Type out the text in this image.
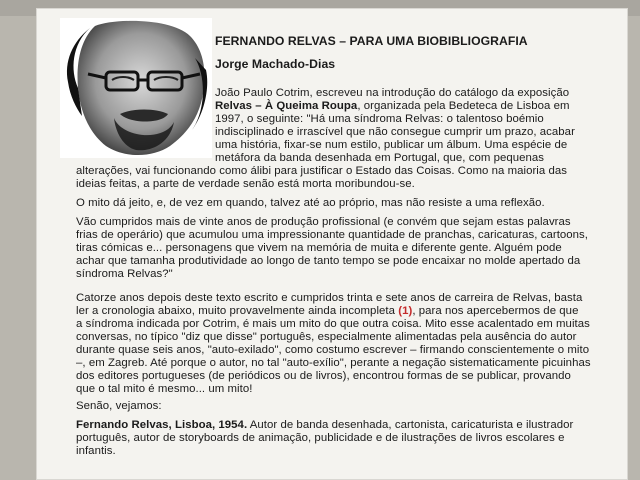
FERNANDO RELVAS – PARA UMA BIOBIBLIOGRAFIA
Jorge Machado-Dias
João Paulo Cotrim, escreveu na introdução do catálogo da exposição
Relvas – À Queima Roupa, organizada pela Bedeteca de Lisboa em
1997, o seguinte: "Há uma síndroma Relvas: o talentoso boémio
indisciplinado e irrascível que não consegue cumprir um prazo, acabar
uma história, fixar-se num estilo, publicar um álbum. Uma espécie de
metáfora da banda desenhada em Portugal, que, com pequenas
alterações, vai funcionando como álibi para justificar o Estado das Coisas. Como na maioria das
ideias feitas, a parte de verdade senão está morta moribundou-se.
O mito dá jeito, e, de vez em quando, talvez até ao próprio, mas não resiste a uma reflexão.
Vão cumpridos mais de vinte anos de produção profissional (e convém que sejam estas palavras
frias de operário) que acumulou uma impressionante quantidade de pranchas, caricaturas, cartoons,
tiras cómicas e... personagens que vivem na memória de muita e diferente gente. Alguém pode
achar que tamanha produtividade ao longo de tanto tempo se pode encaixar no molde apertado da
síndroma Relvas?"
Catorze anos depois deste texto escrito e cumpridos trinta e sete anos de carreira de Relvas, basta
ler a cronologia abaixo, muito provavelmente ainda incompleta (1), para nos apercebermos de que
a síndroma indicada por Cotrim, é mais um mito do que outra coisa. Mito esse acalentado em muitas
conversas, no típico "diz que disse" português, especialmente alimentadas pela ausência do autor
durante quase seis anos, "auto-exilado", como costumo escrever – firmando conscientemente o mito
–, em Zagreb. Até porque o autor, no tal "auto-exílio", perante a negação sistematicamente picuinhas
dos editores portugueses (de periódicos ou de livros), encontrou formas de se publicar, provando
que o tal mito é mesmo... um mito!
Senão, vejamos:
Fernando Relvas, Lisboa, 1954. Autor de banda desenhada, cartonista, caricaturista e ilustrador
português, autor de storyboards de animação, publicidade e de ilustrações de livros escolares e
infantis.
